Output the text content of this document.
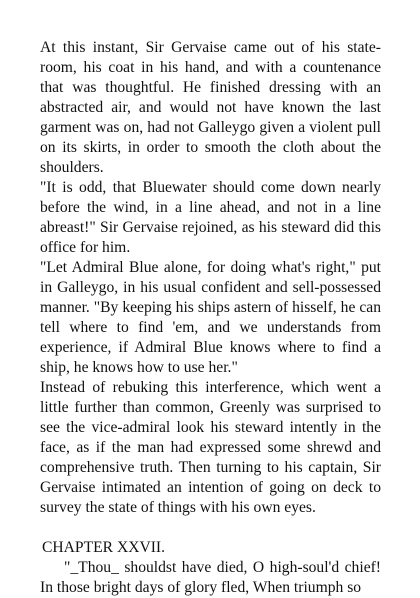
At this instant, Sir Gervaise came out of his state-room, his coat in his hand, and with a countenance that was thoughtful. He finished dressing with an abstracted air, and would not have known the last garment was on, had not Galleygo given a violent pull on its skirts, in order to smooth the cloth about the shoulders.

"It is odd, that Bluewater should come down nearly before the wind, in a line ahead, and not in a line abreast!" Sir Gervaise rejoined, as his steward did this office for him.

"Let Admiral Blue alone, for doing what's right," put in Galleygo, in his usual confident and sell-possessed manner. "By keeping his ships astern of hisself, he can tell where to find 'em, and we understands from experience, if Admiral Blue knows where to find a ship, he knows how to use her."

Instead of rebuking this interference, which went a little further than common, Greenly was surprised to see the vice-admiral look his steward intently in the face, as if the man had expressed some shrewd and comprehensive truth. Then turning to his captain, Sir Gervaise intimated an intention of going on deck to survey the state of things with his own eyes.

CHAPTER XXVII.

"_Thou_ shouldst have died, O high-soul'd chief! In those bright days of glory fled, When triumph so
